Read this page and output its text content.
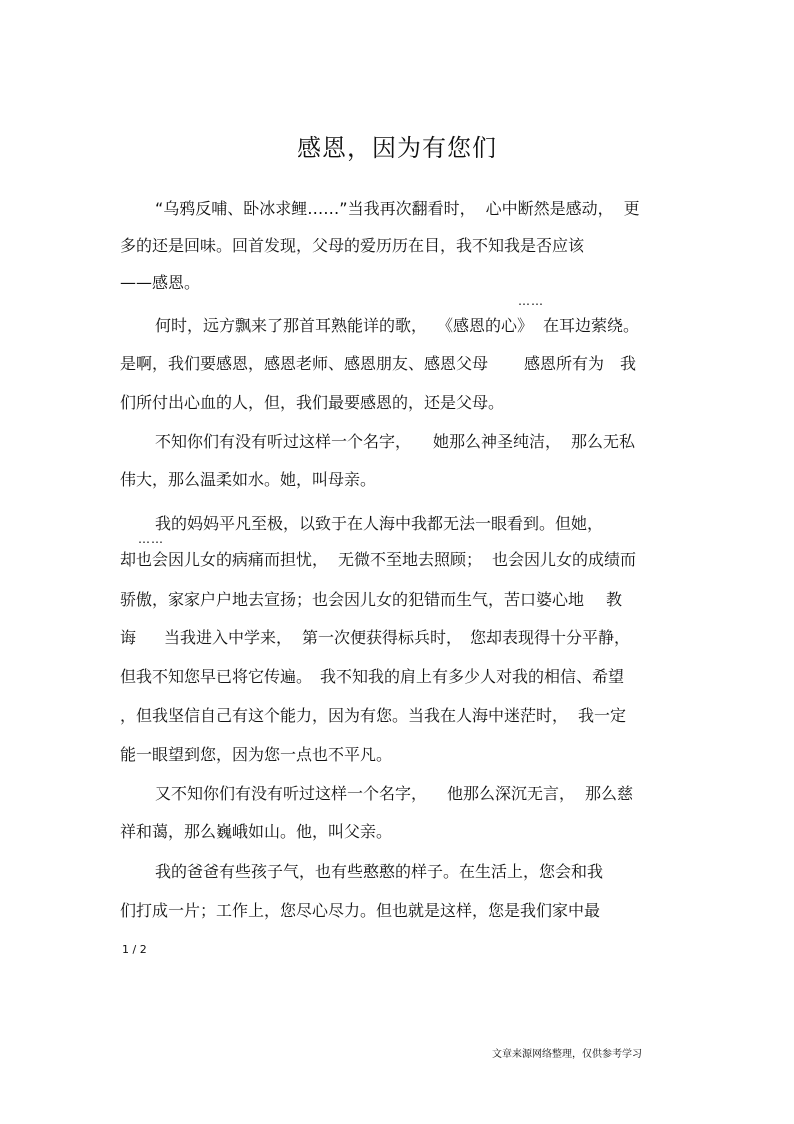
感恩，因为有您们
“乌鸦反哺、卧冰求鲤……”当我再次翻看时， 心中断然是感动， 更
多的还是回味。回首发现，父母的爱历历在目，我不知我是否应该
——感恩。
……
何时，远方飘来了那首耳熟能详的歌， 《感恩的心》 在耳边萦绕。
是啊，我们要感恩，感恩老师、感恩朋友、感恩父母 感恩所有为 我
们所付出心血的人，但，我们最要感恩的，还是父母。
不知你们有没有听过这样一个名字， 她那么神圣纯洁， 那么无私
伟大，那么温柔如水。她，叫母亲。
我的妈妈平凡至极，以致于在人海中我都无法一眼看到。但她，
……
却也会因儿女的病痛而担忧， 无微不至地去照顾； 也会因儿女的成绩而
骄傲，家家户户地去宣扬；也会因儿女的犯错而生气，苦口婆心地 教
诲 当我进入中学来， 第一次便获得标兵时， 您却表现得十分平静，
但我不知您早已将它传遍。 我不知我的肩上有多少人对我的相信、希望
，但我坚信自己有这个能力，因为有您。当我在人海中迷茫时， 我一定
能一眼望到您，因为您一点也不平凡。
又不知你们有没有听过这样一个名字， 他那么深沉无言， 那么慈
祥和蔼，那么巍峨如山。他，叫父亲。
我的爸爸有些孩子气，也有些憨憨的样子。在生活上，您会和我
们打成一片；工作上，您尽心尽力。但也就是这样，您是我们家中最
1 / 2
文章来源网络整理，仅供参考学习
